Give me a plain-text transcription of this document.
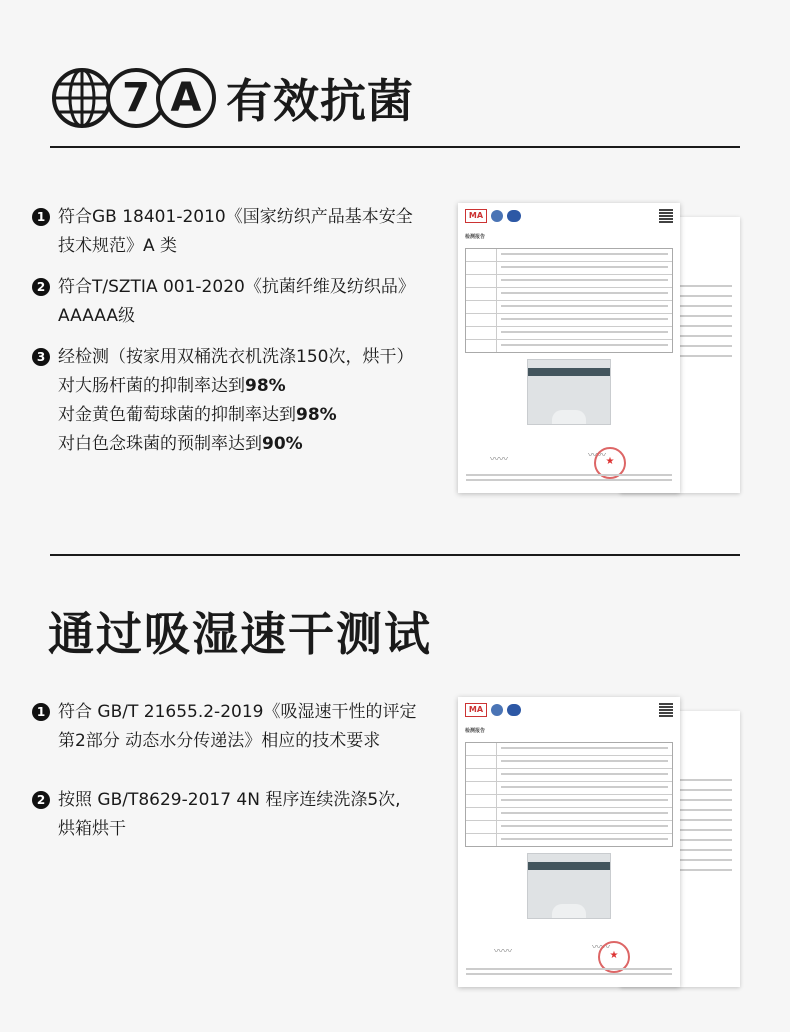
7 A 有效抗菌
1 符合GB 18401-2010《国家纺织产品基本安全
技术规范》A 类
2 符合T/SZTIA 001-2020《抗菌纤维及纺织品》
AAAAA级
3 经检测（按家用双桶洗衣机洗涤150次，烘干）
对大肠杆菌的抑制率达到98%
对金黄色葡萄球菌的抑制率达到98%
对白色念珠菌的预制率达到90%
MA
检测报告
〰〰	〰〰 ★
通过吸湿速干测试
1 符合 GB/T 21655.2-2019《吸湿速干性的评定
第2部分 动态水分传递法》相应的技术要求
2 按照 GB/T8629-2017 4N 程序连续洗涤5次,
烘箱烘干
MA
检测报告
〰〰	〰〰
★
